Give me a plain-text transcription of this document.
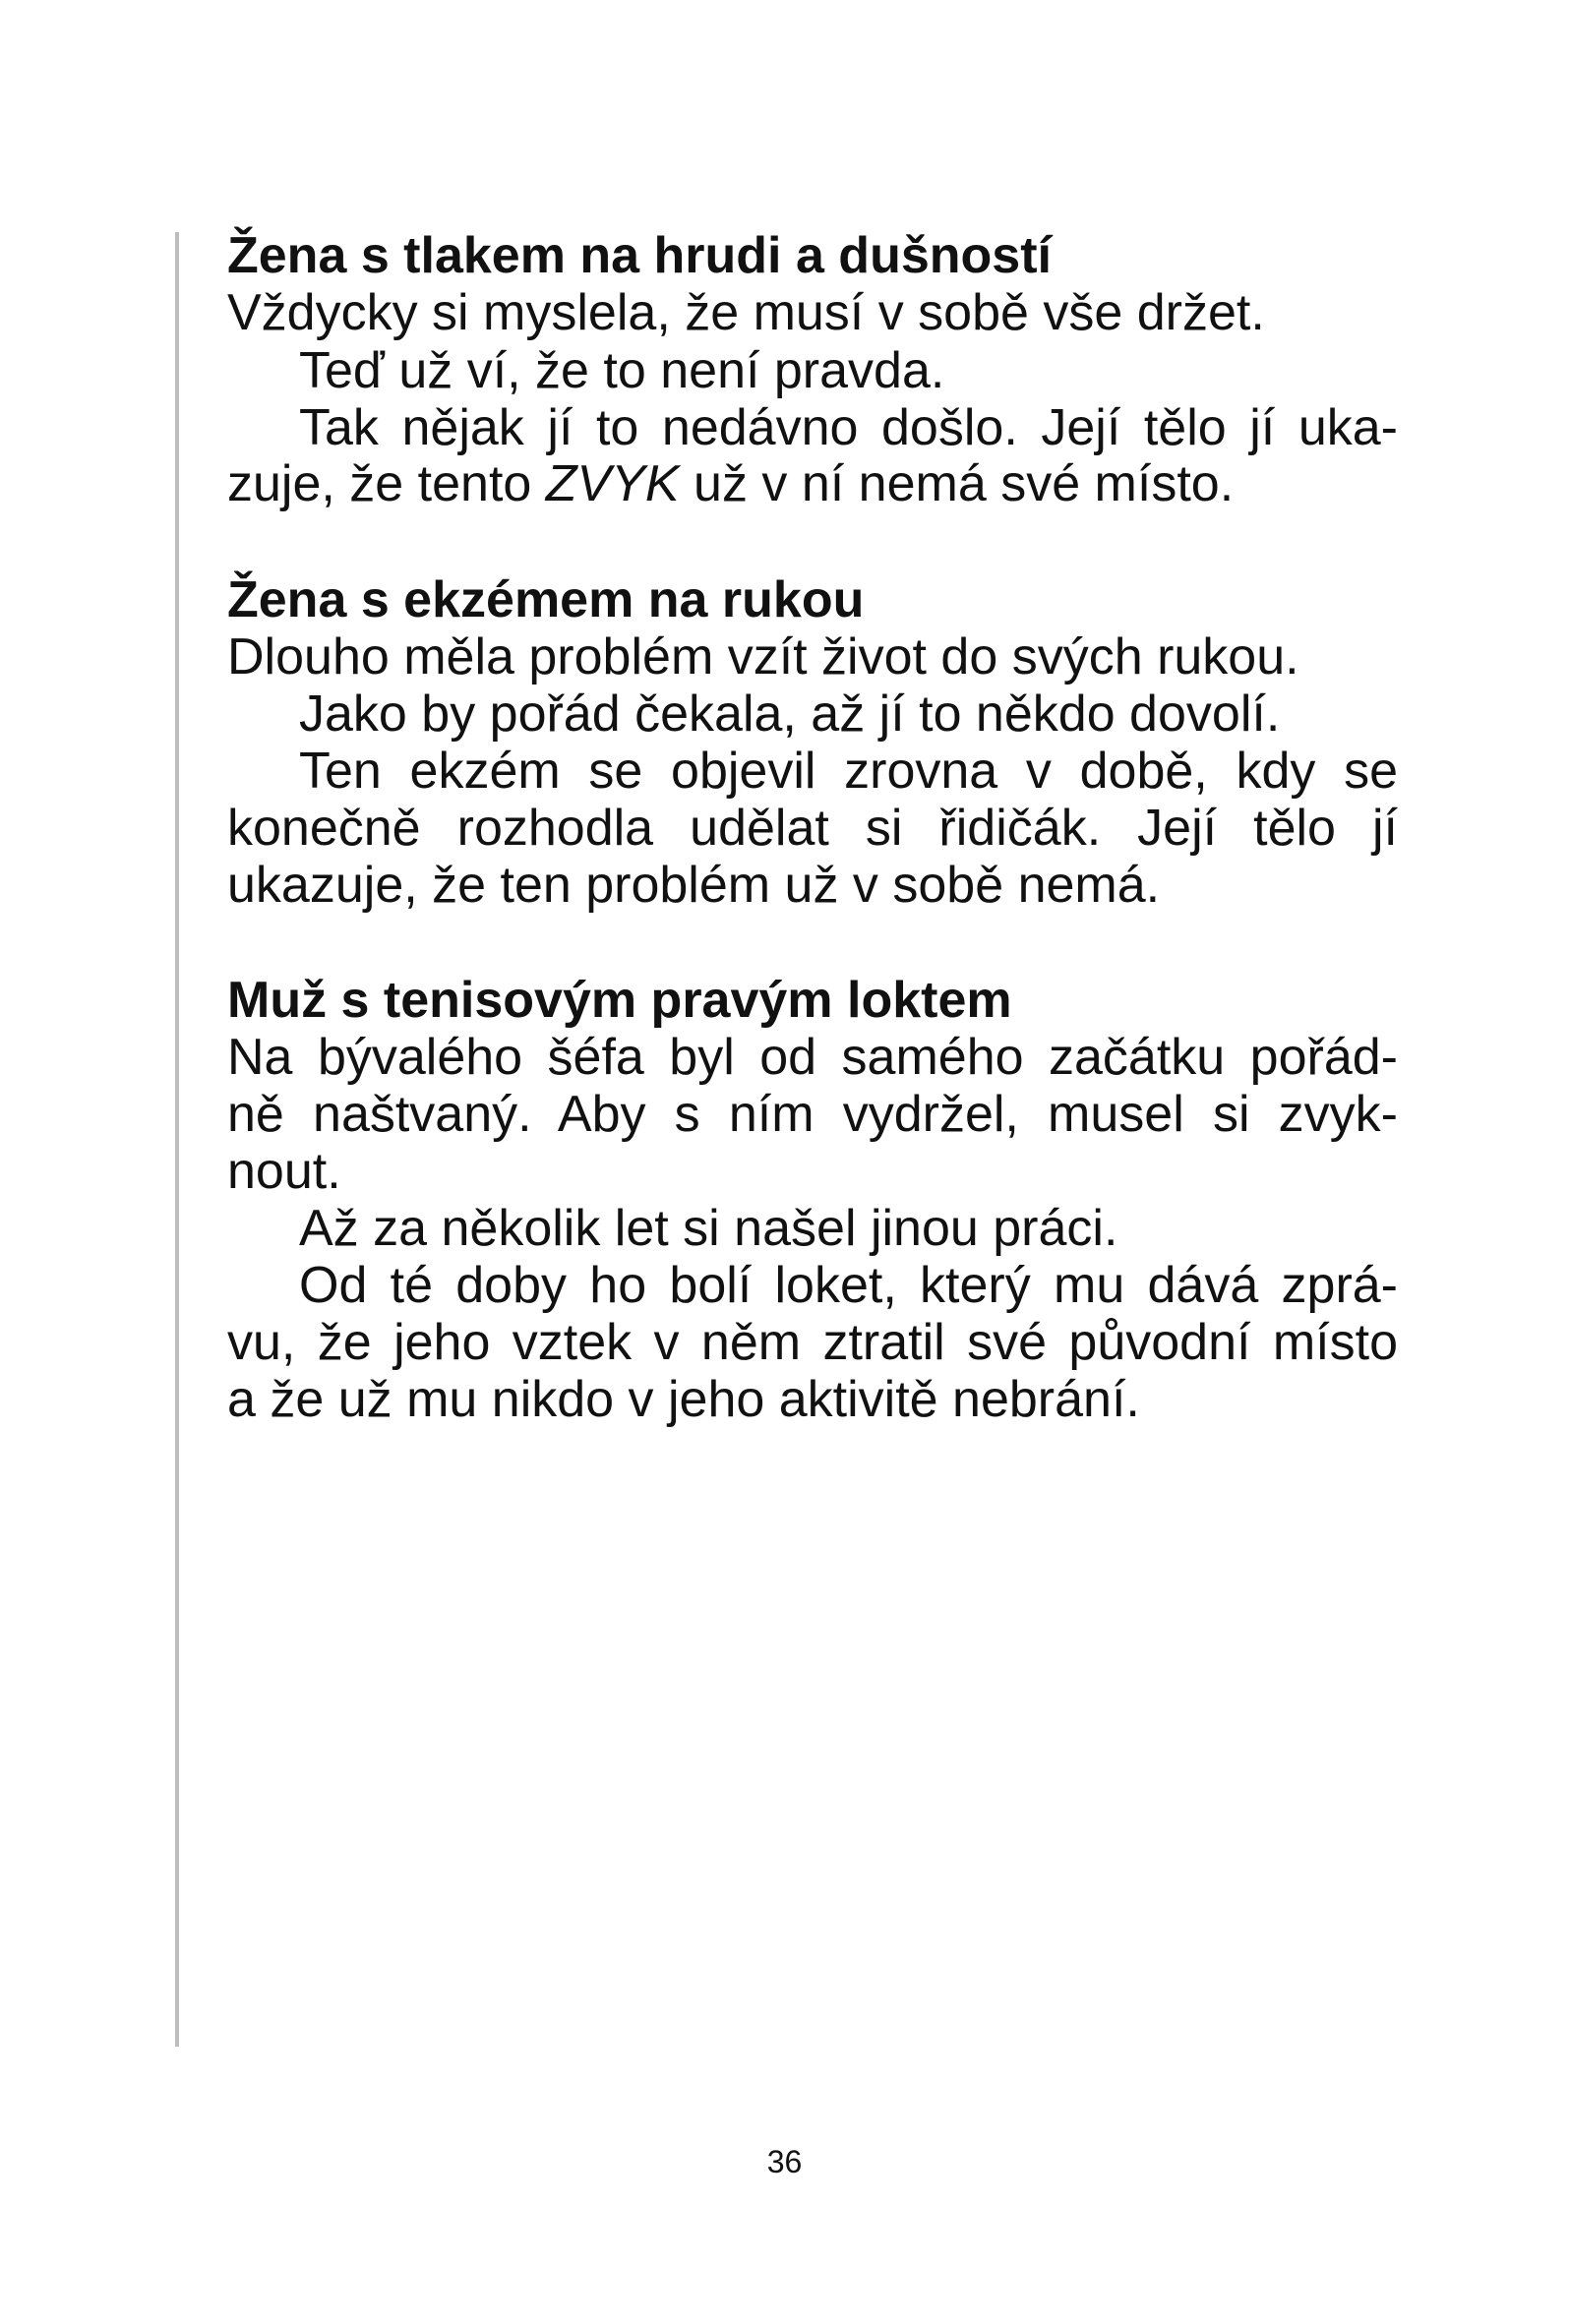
Žena s tlakem na hrudi a dušností
Vždycky si myslela, že musí v sobě vše držet.
Teď už ví, že to není pravda.
Tak nějak jí to nedávno došlo. Její tělo jí uka-
zuje, že tento ZVYK už v ní nemá své místo.
Žena s ekzémem na rukou
Dlouho měla problém vzít život do svých rukou.
Jako by pořád čekala, až jí to někdo dovolí.
Ten ekzém se objevil zrovna v době, kdy se
konečně rozhodla udělat si řidičák. Její tělo jí
ukazuje, že ten problém už v sobě nemá.
Muž s tenisovým pravým loktem
Na bývalého šéfa byl od samého začátku pořád-
ně naštvaný. Aby s ním vydržel, musel si zvyk-
nout.
Až za několik let si našel jinou práci.
Od té doby ho bolí loket, který mu dává zprá-
vu, že jeho vztek v něm ztratil své původní místo
a že už mu nikdo v jeho aktivitě nebrání.
36
